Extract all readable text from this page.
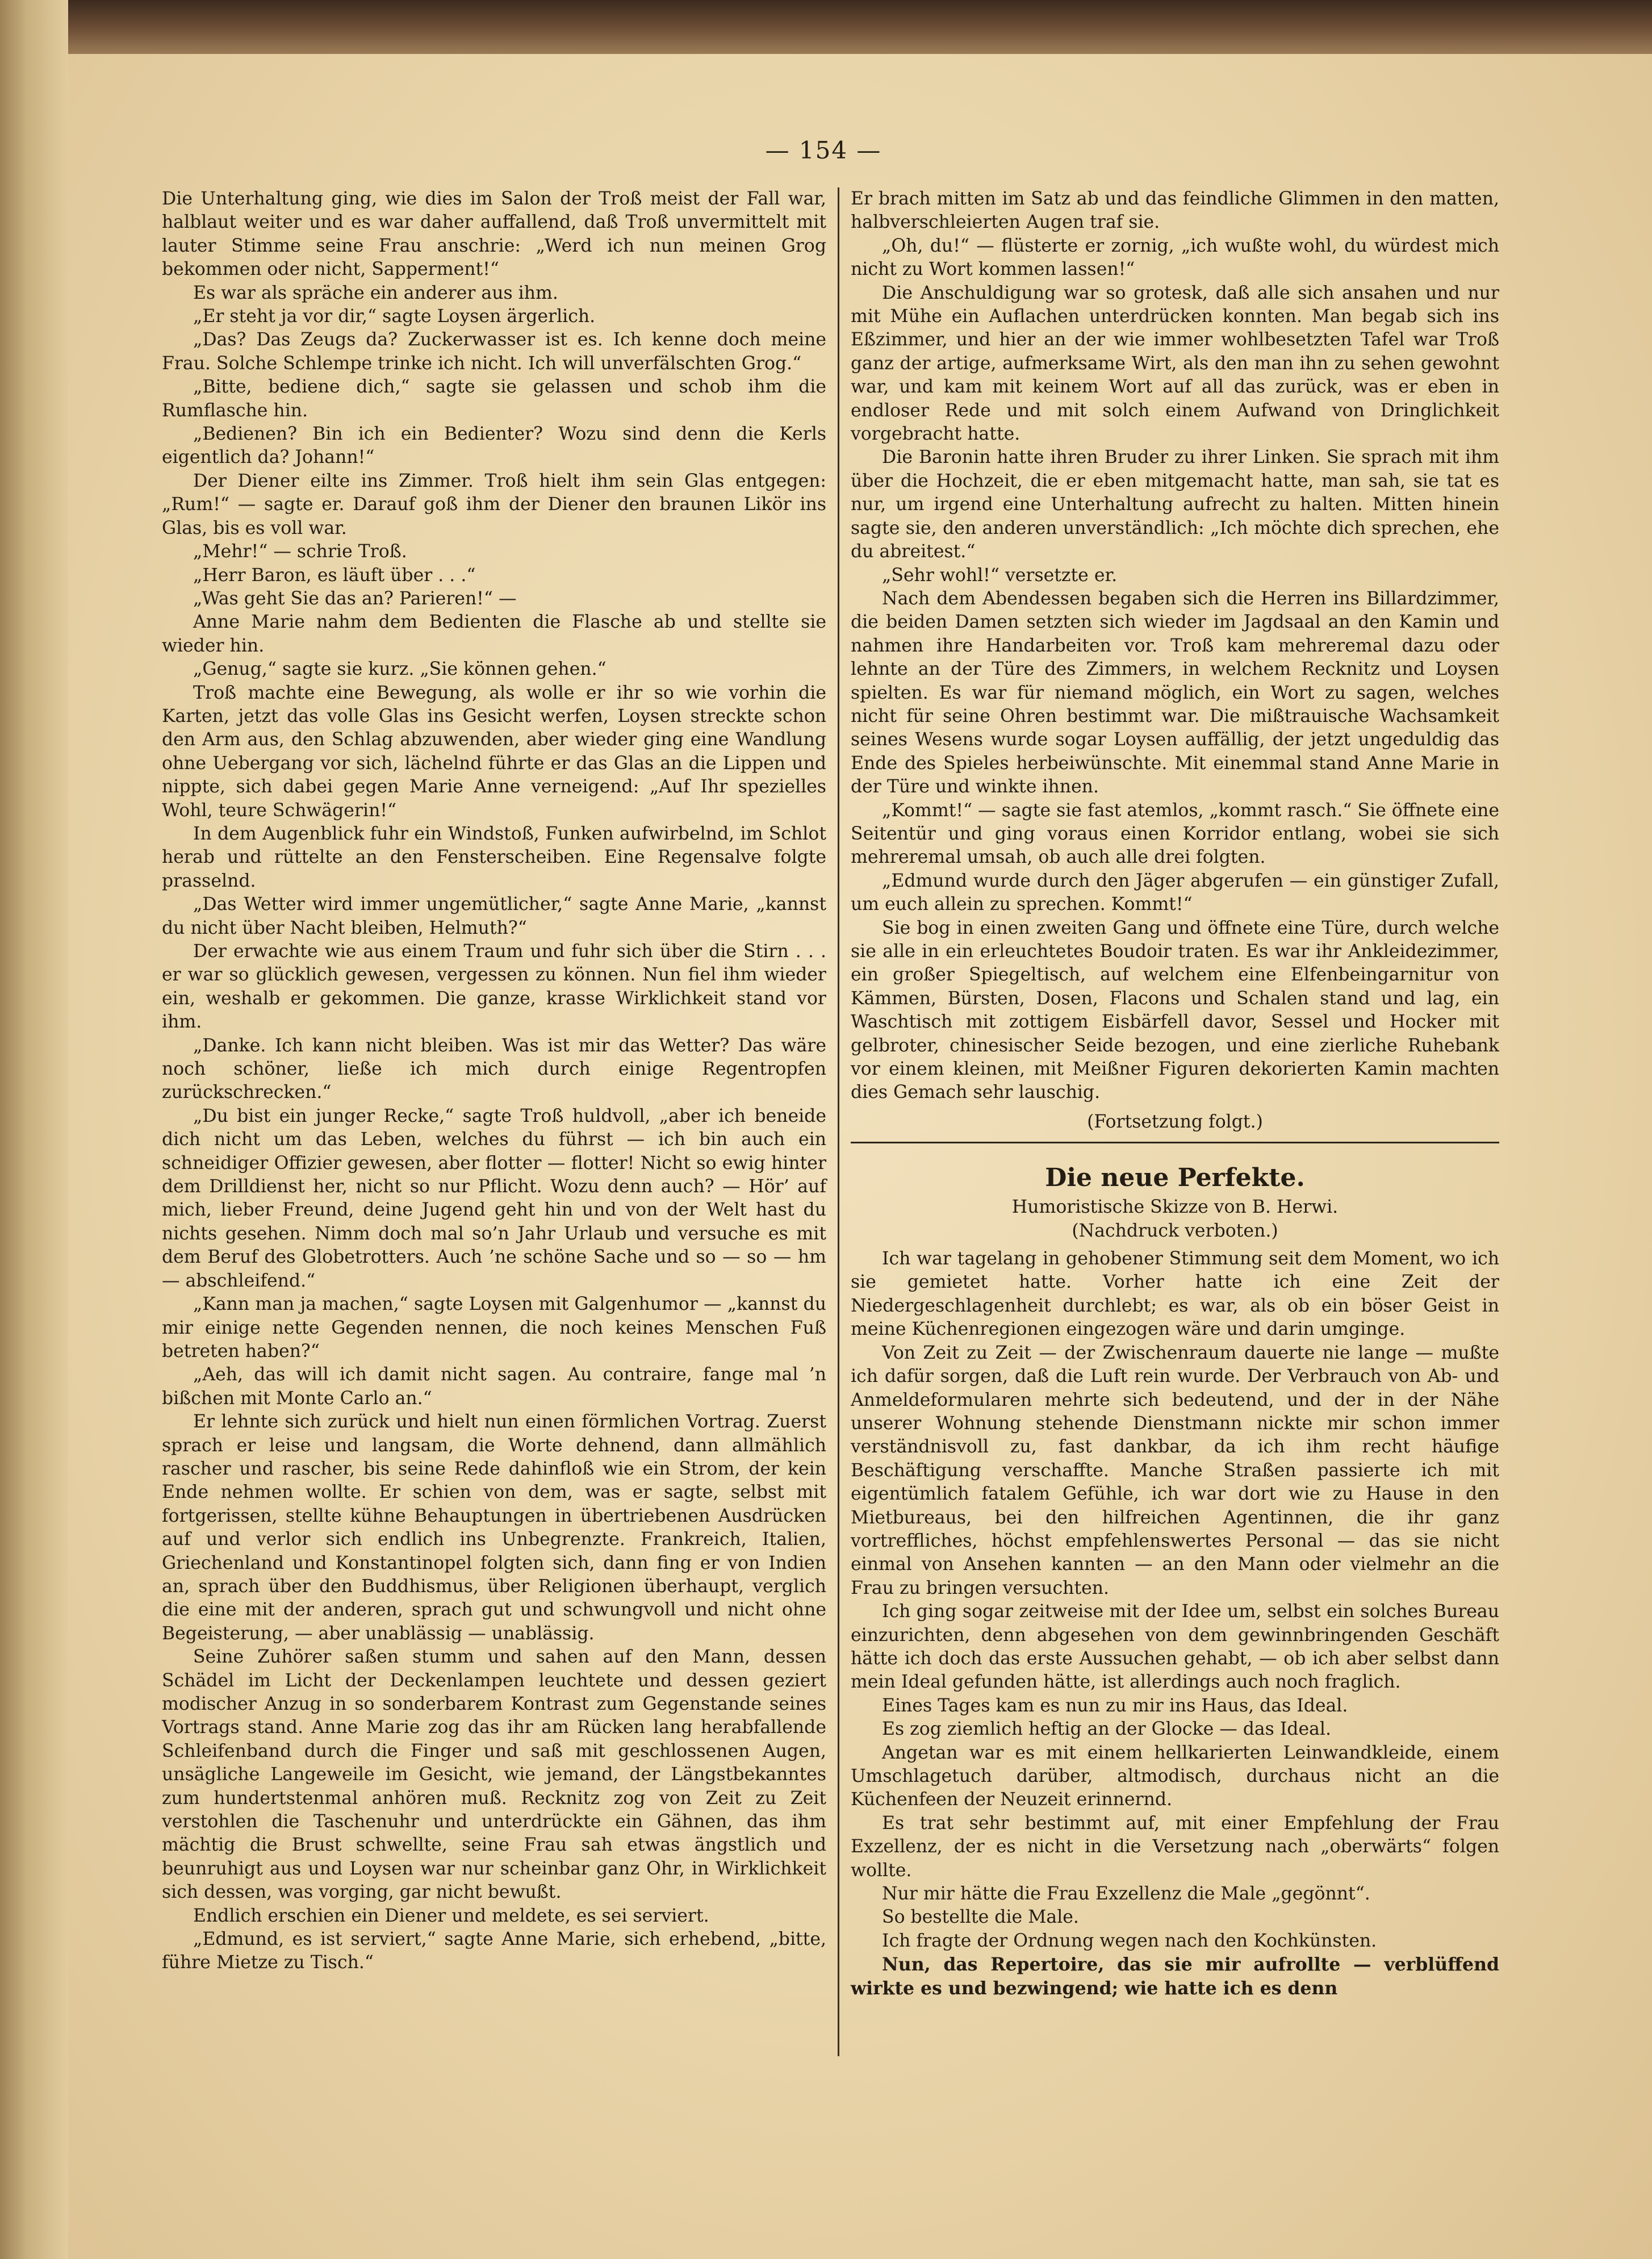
— 154 —

Die Unterhaltung ging, wie dies im Salon der Troß meist der Fall war, halblaut weiter und es war daher auffallend, daß Troß unvermittelt mit lauter Stimme seine Frau anschrie: „Werd ich nun meinen Grog bekommen oder nicht, Sapperment!“

Es war als spräche ein anderer aus ihm.

„Er steht ja vor dir,“ sagte Loysen ärgerlich.

„Das? Das Zeugs da? Zuckerwasser ist es. Ich kenne doch meine Frau. Solche Schlempe trinke ich nicht. Ich will unverfälschten Grog.“

„Bitte, bediene dich,“ sagte sie gelassen und schob ihm die Rumflasche hin.

„Bedienen? Bin ich ein Bedienter? Wozu sind denn die Kerls eigentlich da? Johann!“

Der Diener eilte ins Zimmer. Troß hielt ihm sein Glas entgegen: „Rum!“ — sagte er. Darauf goß ihm der Diener den braunen Likör ins Glas, bis es voll war.

„Mehr!“ — schrie Troß.

„Herr Baron, es läuft über . . .“

„Was geht Sie das an? Parieren!“ —

Anne Marie nahm dem Bedienten die Flasche ab und stellte sie wieder hin.

„Genug,“ sagte sie kurz. „Sie können gehen.“

Troß machte eine Bewegung, als wolle er ihr so wie vorhin die Karten, jetzt das volle Glas ins Gesicht werfen, Loysen streckte schon den Arm aus, den Schlag abzuwenden, aber wieder ging eine Wandlung ohne Uebergang vor sich, lächelnd führte er das Glas an die Lippen und nippte, sich dabei gegen Marie Anne verneigend: „Auf Ihr spezielles Wohl, teure Schwägerin!“

In dem Augenblick fuhr ein Windstoß, Funken aufwirbelnd, im Schlot herab und rüttelte an den Fensterscheiben. Eine Regensalve folgte prasselnd.

„Das Wetter wird immer ungemütlicher,“ sagte Anne Marie, „kannst du nicht über Nacht bleiben, Helmuth?“

Der erwachte wie aus einem Traum und fuhr sich über die Stirn . . . er war so glücklich gewesen, vergessen zu können. Nun fiel ihm wieder ein, weshalb er gekommen. Die ganze, krasse Wirklichkeit stand vor ihm.

„Danke. Ich kann nicht bleiben. Was ist mir das Wetter? Das wäre noch schöner, ließe ich mich durch einige Regentropfen zurückschrecken.“

„Du bist ein junger Recke,“ sagte Troß huldvoll, „aber ich beneide dich nicht um das Leben, welches du führst — ich bin auch ein schneidiger Offizier gewesen, aber flotter — flotter! Nicht so ewig hinter dem Drilldienst her, nicht so nur Pflicht. Wozu denn auch? — Hör’ auf mich, lieber Freund, deine Jugend geht hin und von der Welt hast du nichts gesehen. Nimm doch mal so’n Jahr Urlaub und versuche es mit dem Beruf des Globetrotters. Auch ’ne schöne Sache und so — so — hm — abschleifend.“

„Kann man ja machen,“ sagte Loysen mit Galgenhumor — „kannst du mir einige nette Gegenden nennen, die noch keines Menschen Fuß betreten haben?“

„Aeh, das will ich damit nicht sagen. Au contraire, fange mal ’n bißchen mit Monte Carlo an.“

Er lehnte sich zurück und hielt nun einen förmlichen Vortrag. Zuerst sprach er leise und langsam, die Worte dehnend, dann allmählich rascher und rascher, bis seine Rede dahinfloß wie ein Strom, der kein Ende nehmen wollte. Er schien von dem, was er sagte, selbst mit fortgerissen, stellte kühne Behauptungen in übertriebenen Ausdrücken auf und verlor sich endlich ins Unbegrenzte. Frankreich, Italien, Griechenland und Konstantinopel folgten sich, dann fing er von Indien an, sprach über den Buddhismus, über Religionen überhaupt, verglich die eine mit der anderen, sprach gut und schwungvoll und nicht ohne Begeisterung, — aber unablässig — unablässig.

Seine Zuhörer saßen stumm und sahen auf den Mann, dessen Schädel im Licht der Deckenlampen leuchtete und dessen geziert modischer Anzug in so sonderbarem Kontrast zum Gegenstande seines Vortrags stand. Anne Marie zog das ihr am Rücken lang herabfallende Schleifenband durch die Finger und saß mit geschlossenen Augen, unsägliche Langeweile im Gesicht, wie jemand, der Längstbekanntes zum hundertstenmal anhören muß. Recknitz zog von Zeit zu Zeit verstohlen die Taschenuhr und unterdrückte ein Gähnen, das ihm mächtig die Brust schwellte, seine Frau sah etwas ängstlich und beunruhigt aus und Loysen war nur scheinbar ganz Ohr, in Wirklichkeit sich dessen, was vorging, gar nicht bewußt.

Endlich erschien ein Diener und meldete, es sei serviert.

„Edmund, es ist serviert,“ sagte Anne Marie, sich erhebend, „bitte, führe Mietze zu Tisch.“

Er brach mitten im Satz ab und das feindliche Glimmen in den matten, halbverschleierten Augen traf sie.

„Oh, du!“ — flüsterte er zornig, „ich wußte wohl, du würdest mich nicht zu Wort kommen lassen!“

Die Anschuldigung war so grotesk, daß alle sich ansahen und nur mit Mühe ein Auflachen unterdrücken konnten. Man begab sich ins Eßzimmer, und hier an der wie immer wohlbesetzten Tafel war Troß ganz der artige, aufmerksame Wirt, als den man ihn zu sehen gewohnt war, und kam mit keinem Wort auf all das zurück, was er eben in endloser Rede und mit solch einem Aufwand von Dringlichkeit vorgebracht hatte.

Die Baronin hatte ihren Bruder zu ihrer Linken. Sie sprach mit ihm über die Hochzeit, die er eben mitgemacht hatte, man sah, sie tat es nur, um irgend eine Unterhaltung aufrecht zu halten. Mitten hinein sagte sie, den anderen unverständlich: „Ich möchte dich sprechen, ehe du abreitest.“

„Sehr wohl!“ versetzte er.

Nach dem Abendessen begaben sich die Herren ins Billardzimmer, die beiden Damen setzten sich wieder im Jagdsaal an den Kamin und nahmen ihre Handarbeiten vor. Troß kam mehreremal dazu oder lehnte an der Türe des Zimmers, in welchem Recknitz und Loysen spielten. Es war für niemand möglich, ein Wort zu sagen, welches nicht für seine Ohren bestimmt war. Die mißtrauische Wachsamkeit seines Wesens wurde sogar Loysen auffällig, der jetzt ungeduldig das Ende des Spieles herbeiwünschte. Mit einemmal stand Anne Marie in der Türe und winkte ihnen.

„Kommt!“ — sagte sie fast atemlos, „kommt rasch.“ Sie öffnete eine Seitentür und ging voraus einen Korridor entlang, wobei sie sich mehreremal umsah, ob auch alle drei folgten.

„Edmund wurde durch den Jäger abgerufen — ein günstiger Zufall, um euch allein zu sprechen. Kommt!“

Sie bog in einen zweiten Gang und öffnete eine Türe, durch welche sie alle in ein erleuchtetes Boudoir traten. Es war ihr Ankleidezimmer, ein großer Spiegeltisch, auf welchem eine Elfenbeingarnitur von Kämmen, Bürsten, Dosen, Flacons und Schalen stand und lag, ein Waschtisch mit zottigem Eisbärfell davor, Sessel und Hocker mit gelbroter, chinesischer Seide bezogen, und eine zierliche Ruhebank vor einem kleinen, mit Meißner Figuren dekorierten Kamin machten dies Gemach sehr lauschig.

(Fortsetzung folgt.)

Die neue Perfekte.

Humoristische Skizze von B. Herwi.

(Nachdruck verboten.)

Ich war tagelang in gehobener Stimmung seit dem Moment, wo ich sie gemietet hatte. Vorher hatte ich eine Zeit der Niedergeschlagenheit durchlebt; es war, als ob ein böser Geist in meine Küchenregionen eingezogen wäre und darin umginge.

Von Zeit zu Zeit — der Zwischenraum dauerte nie lange — mußte ich dafür sorgen, daß die Luft rein wurde. Der Verbrauch von Ab- und Anmeldeformularen mehrte sich bedeutend, und der in der Nähe unserer Wohnung stehende Dienstmann nickte mir schon immer verständnisvoll zu, fast dankbar, da ich ihm recht häufige Beschäftigung verschaffte. Manche Straßen passierte ich mit eigentümlich fatalem Gefühle, ich war dort wie zu Hause in den Mietbureaus, bei den hilfreichen Agentinnen, die ihr ganz vortreffliches, höchst empfehlenswertes Personal — das sie nicht einmal von Ansehen kannten — an den Mann oder vielmehr an die Frau zu bringen versuchten.

Ich ging sogar zeitweise mit der Idee um, selbst ein solches Bureau einzurichten, denn abgesehen von dem gewinnbringenden Geschäft hätte ich doch das erste Aussuchen gehabt, — ob ich aber selbst dann mein Ideal gefunden hätte, ist allerdings auch noch fraglich.

Eines Tages kam es nun zu mir ins Haus, das Ideal.

Es zog ziemlich heftig an der Glocke — das Ideal.

Angetan war es mit einem hellkarierten Leinwandkleide, einem Umschlagetuch darüber, altmodisch, durchaus nicht an die Küchenfeen der Neuzeit erinnernd.

Es trat sehr bestimmt auf, mit einer Empfehlung der Frau Exzellenz, der es nicht in die Versetzung nach „oberwärts“ folgen wollte.

Nur mir hätte die Frau Exzellenz die Male „gegönnt“.

So bestellte die Male.

Ich fragte der Ordnung wegen nach den Kochkünsten.

Nun, das Repertoire, das sie mir aufrollte — verblüffend wirkte es und bezwingend; wie hatte ich es denn
